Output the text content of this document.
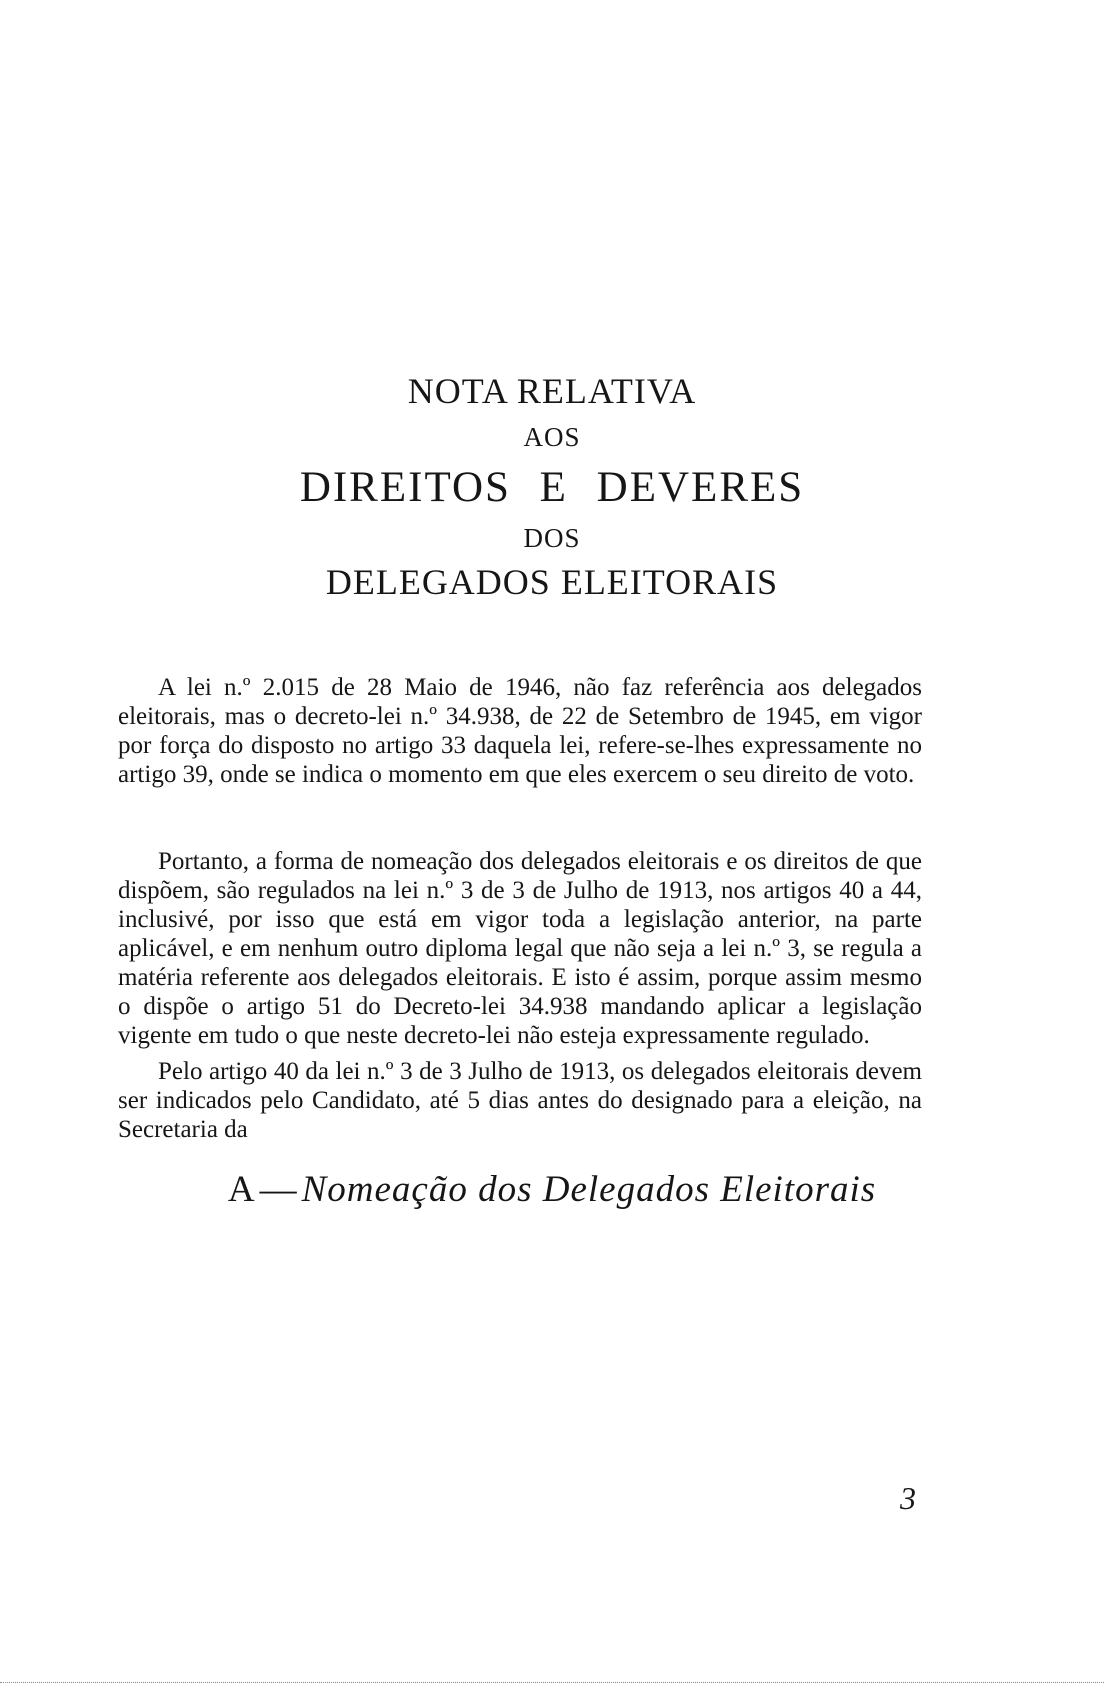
NOTA RELATIVA
AOS
DIREITOS E DEVERES
DOS
DELEGADOS ELEITORAIS

A lei n.º 2.015 de 28 Maio de 1946, não faz referência aos delegados eleitorais, mas o decreto-lei n.º 34.938, de 22 de Setembro de 1945, em vigor por força do disposto no artigo 33 daquela lei, refere-se-lhes expressamente no artigo 39, onde se indica o momento em que eles exercem o seu direito de voto.

Portanto, a forma de nomeação dos delegados eleitorais e os direitos de que dispõem, são regulados na lei n.º 3 de 3 de Julho de 1913, nos artigos 40 a 44, inclusivé, por isso que está em vigor toda a legislação anterior, na parte aplicável, e em nenhum outro diploma legal que não seja a lei n.º 3, se regula a matéria referente aos delegados eleitorais. E isto é assim, porque assim mesmo o dispõe o artigo 51 do Decreto-lei 34.938 mandando aplicar a legislação vigente em tudo o que neste decreto-lei não esteja expressamente regulado.

A — Nomeação dos Delegados Eleitorais

Pelo artigo 40 da lei n.º 3 de 3 Julho de 1913, os delegados eleitorais devem ser indicados pelo Candidato, até 5 dias antes do designado para a eleição, na Secretaria da

3
